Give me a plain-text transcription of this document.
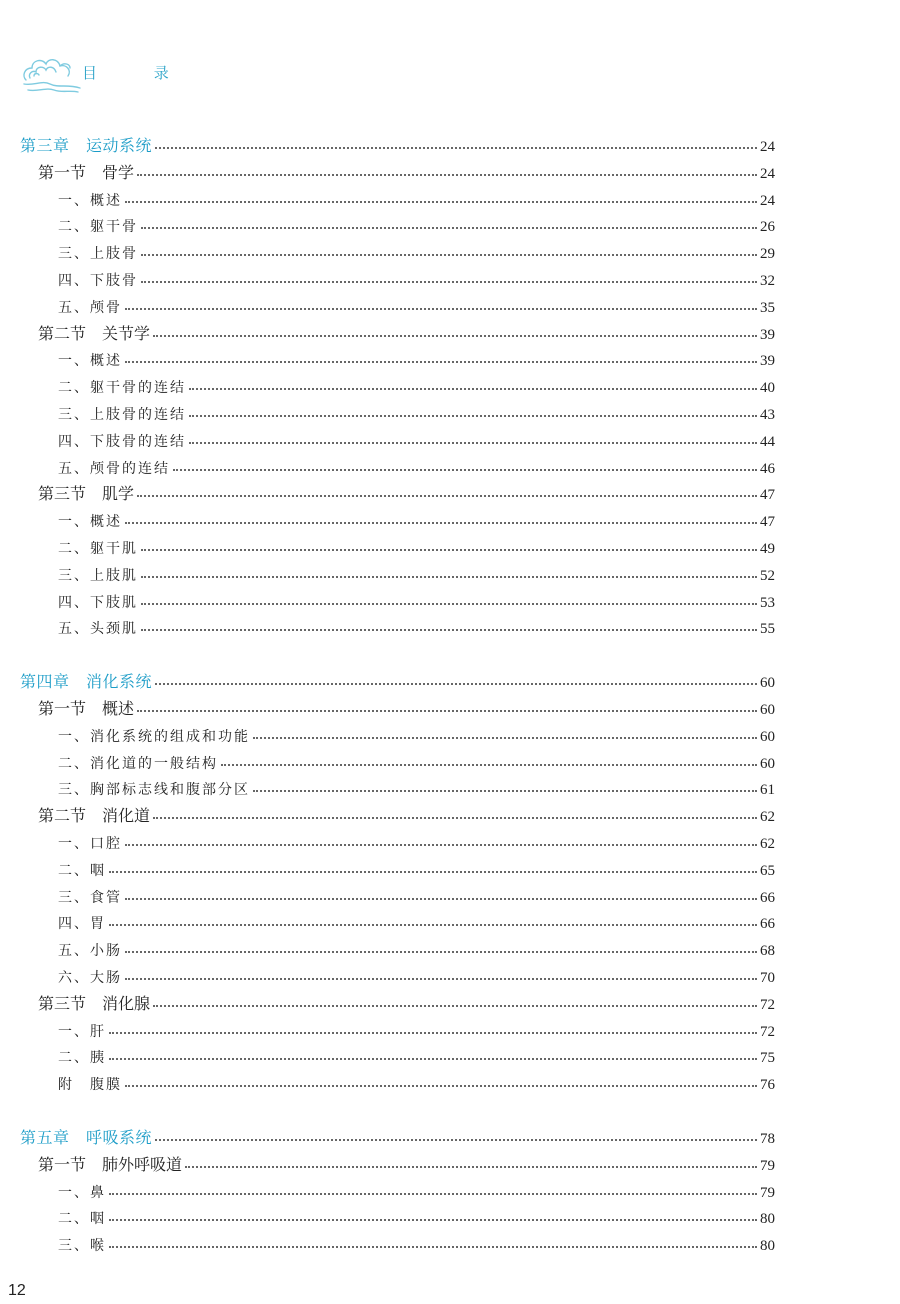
目 录
第三章　运动系统	24
第一节　骨学	24
一、概述	24
二、躯干骨	26
三、上肢骨	29
四、下肢骨	32
五、颅骨	35
第二节　关节学	39
一、概述	39
二、躯干骨的连结	40
三、上肢骨的连结	43
四、下肢骨的连结	44
五、颅骨的连结	46
第三节　肌学	47
一、概述	47
二、躯干肌	49
三、上肢肌	52
四、下肢肌	53
五、头颈肌	55
第四章　消化系统	60
第一节　概述	60
一、消化系统的组成和功能	60
二、消化道的一般结构	60
三、胸部标志线和腹部分区	61
第二节　消化道	62
一、口腔	62
二、咽	65
三、食管	66
四、胃	66
五、小肠	68
六、大肠	70
第三节　消化腺	72
一、肝	72
二、胰	75
附　腹膜	76
第五章　呼吸系统	78
第一节　肺外呼吸道	79
一、鼻	79
二、咽	80
三、喉	80
12
